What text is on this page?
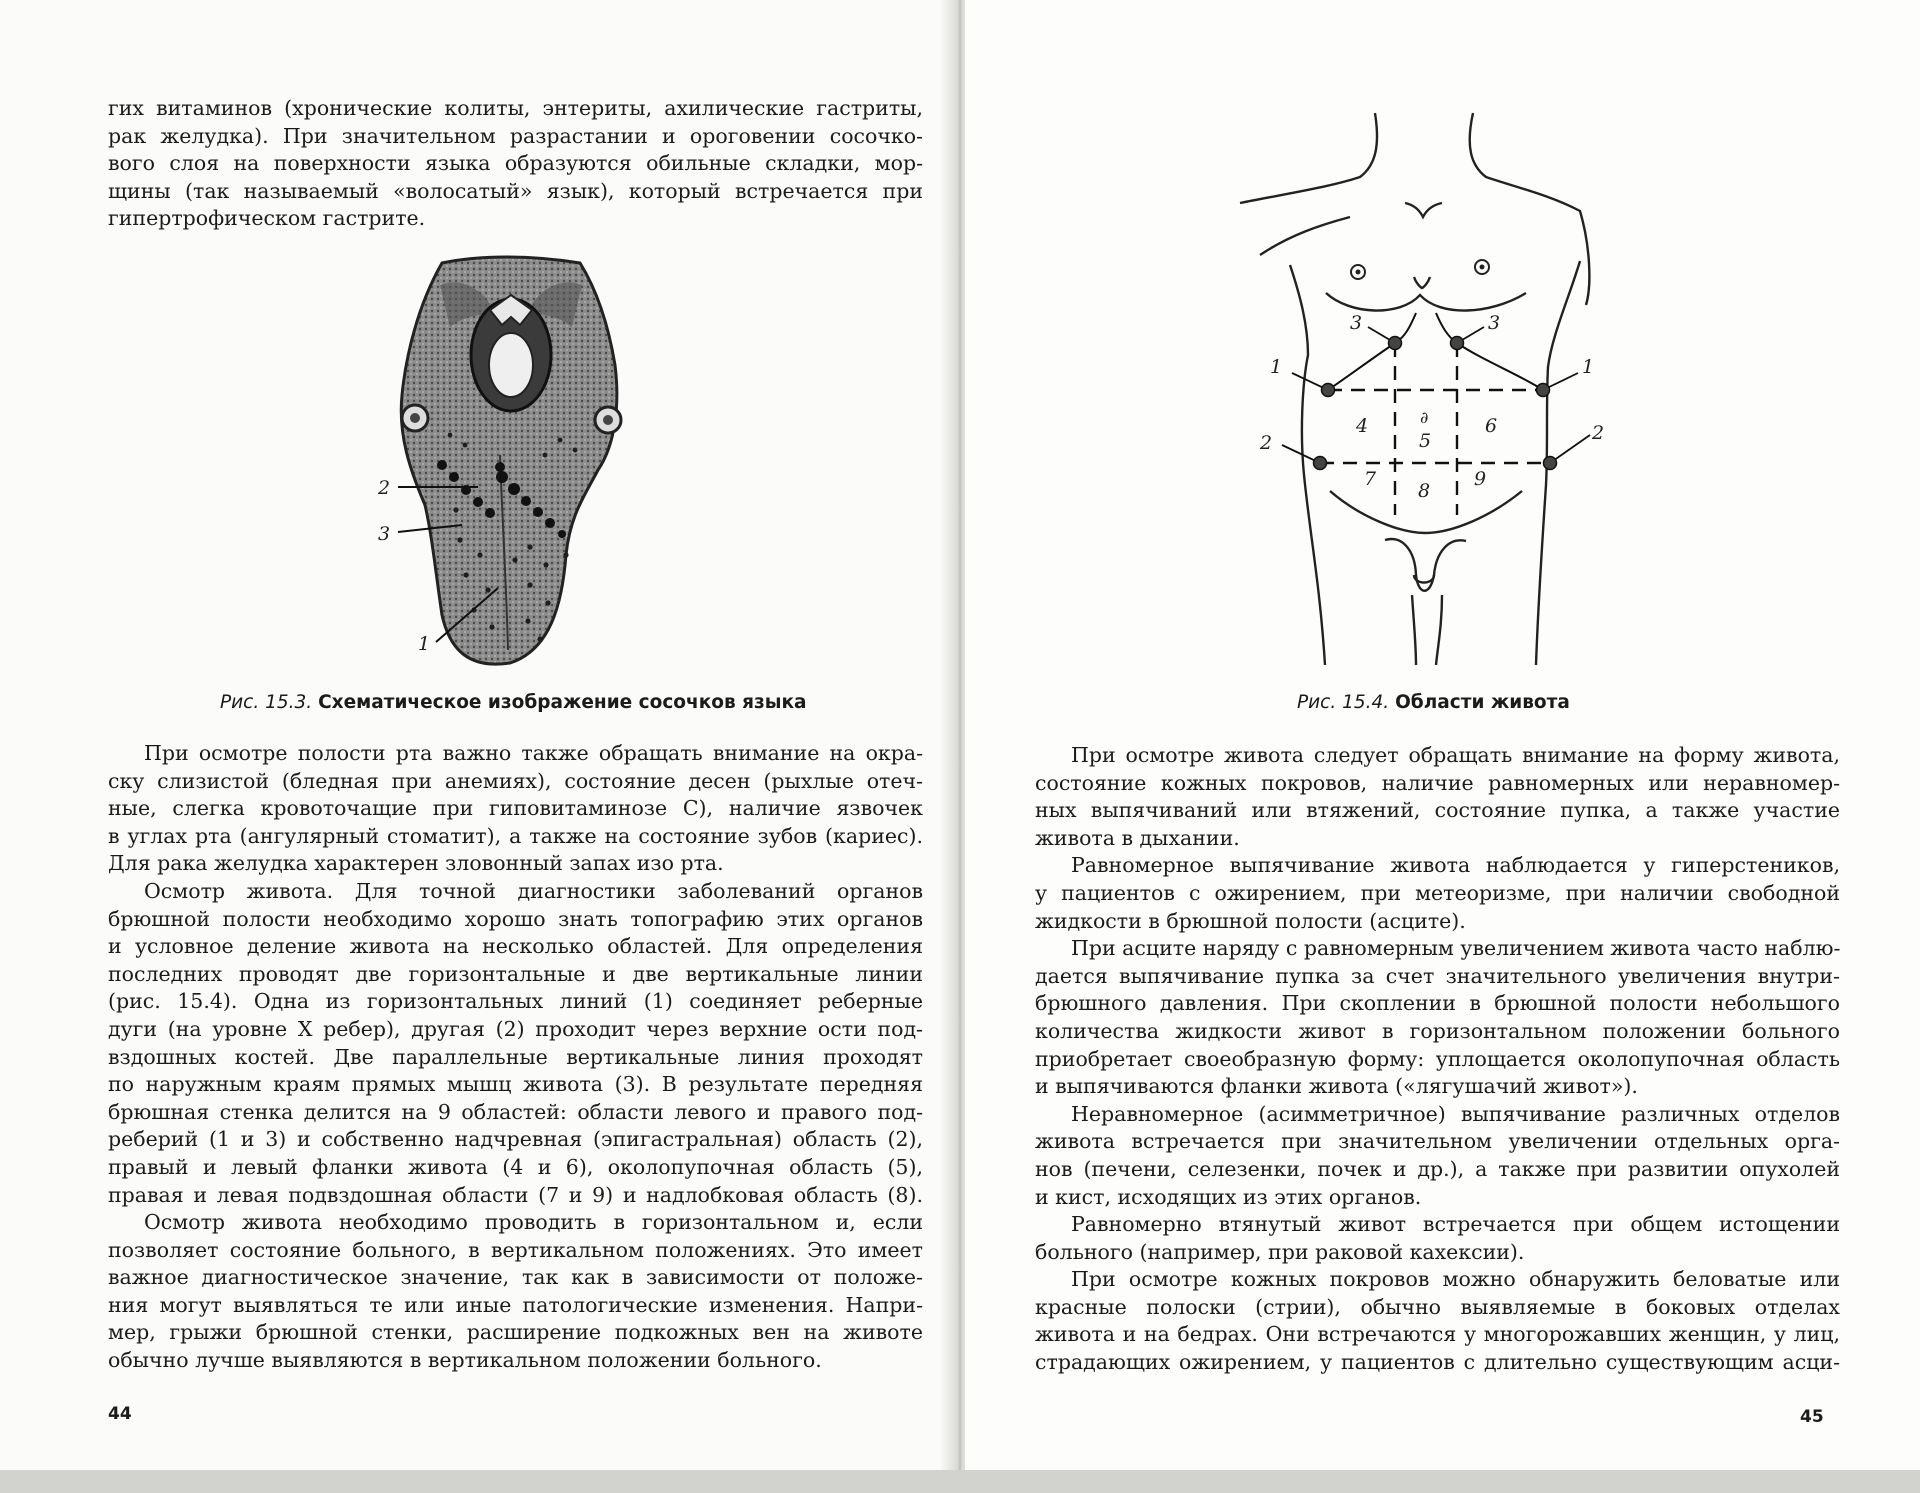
гих витаминов (хронические колиты, энтериты, ахилические гастриты,
рак желудка). При значительном разрастании и ороговении сосочко-
вого слоя на поверхности языка образуются обильные складки, мор-
щины (так называемый «волосатый» язык), который встречается при
гипертрофическом гастрите.
2
3
1
Рис. 15.3. Схематическое изображение сосочков языка
При осмотре полости рта важно также обращать внимание на окра-
ску слизистой (бледная при анемиях), состояние десен (рыхлые отеч-
ные, слегка кровоточащие при гиповитаминозе С), наличие язвочек
в углах рта (ангулярный стоматит), а также на состояние зубов (кариес).
Для рака желудка характерен зловонный запах изо рта.
Осмотр живота. Для точной диагностики заболеваний органов
брюшной полости необходимо хорошо знать топографию этих органов
и условное деление живота на несколько областей. Для определения
последних проводят две горизонтальные и две вертикальные линии
(рис. 15.4). Одна из горизонтальных линий (1) соединяет реберные
дуги (на уровне X ребер), другая (2) проходит через верхние ости под-
вздошных костей. Две параллельные вертикальные линия проходят
по наружным краям прямых мышц живота (3). В результате передняя
брюшная стенка делится на 9 областей: области левого и правого под-
реберий (1 и 3) и собственно надчревная (эпигастральная) область (2),
правый и левый фланки живота (4 и 6), околопупочная область (5),
правая и левая подвздошная области (7 и 9) и надлобковая область (8).
Осмотр живота необходимо проводить в горизонтальном и, если
позволяет состояние больного, в вертикальном положениях. Это имеет
важное диагностическое значение, так как в зависимости от положе-
ния могут выявляться те или иные патологические изменения. Напри-
мер, грыжи брюшной стенки, расширение подкожных вен на животе
обычно лучше выявляются в вертикальном положении больного.
44
1	1
2	2
3	3
4
5
6
7
8
9
∂
Рис. 15.4. Области живота
При осмотре живота следует обращать внимание на форму живота,
состояние кожных покровов, наличие равномерных или неравномер-
ных выпячиваний или втяжений, состояние пупка, а также участие
живота в дыхании.
Равномерное выпячивание живота наблюдается у гиперстеников,
у пациентов с ожирением, при метеоризме, при наличии свободной
жидкости в брюшной полости (асците).
При асците наряду с равномерным увеличением живота часто наблю-
дается выпячивание пупка за счет значительного увеличения внутри-
брюшного давления. При скоплении в брюшной полости небольшого
количества жидкости живот в горизонтальном положении больного
приобретает своеобразную форму: уплощается околопупочная область
и выпячиваются фланки живота («лягушачий живот»).
Неравномерное (асимметричное) выпячивание различных отделов
живота встречается при значительном увеличении отдельных орга-
нов (печени, селезенки, почек и др.), а также при развитии опухолей
и кист, исходящих из этих органов.
Равномерно втянутый живот встречается при общем истощении
больного (например, при раковой кахексии).
При осмотре кожных покровов можно обнаружить беловатые или
красные полоски (стрии), обычно выявляемые в боковых отделах
живота и на бедрах. Они встречаются у многорожавших женщин, у лиц,
страдающих ожирением, у пациентов с длительно существующим асци-
45
